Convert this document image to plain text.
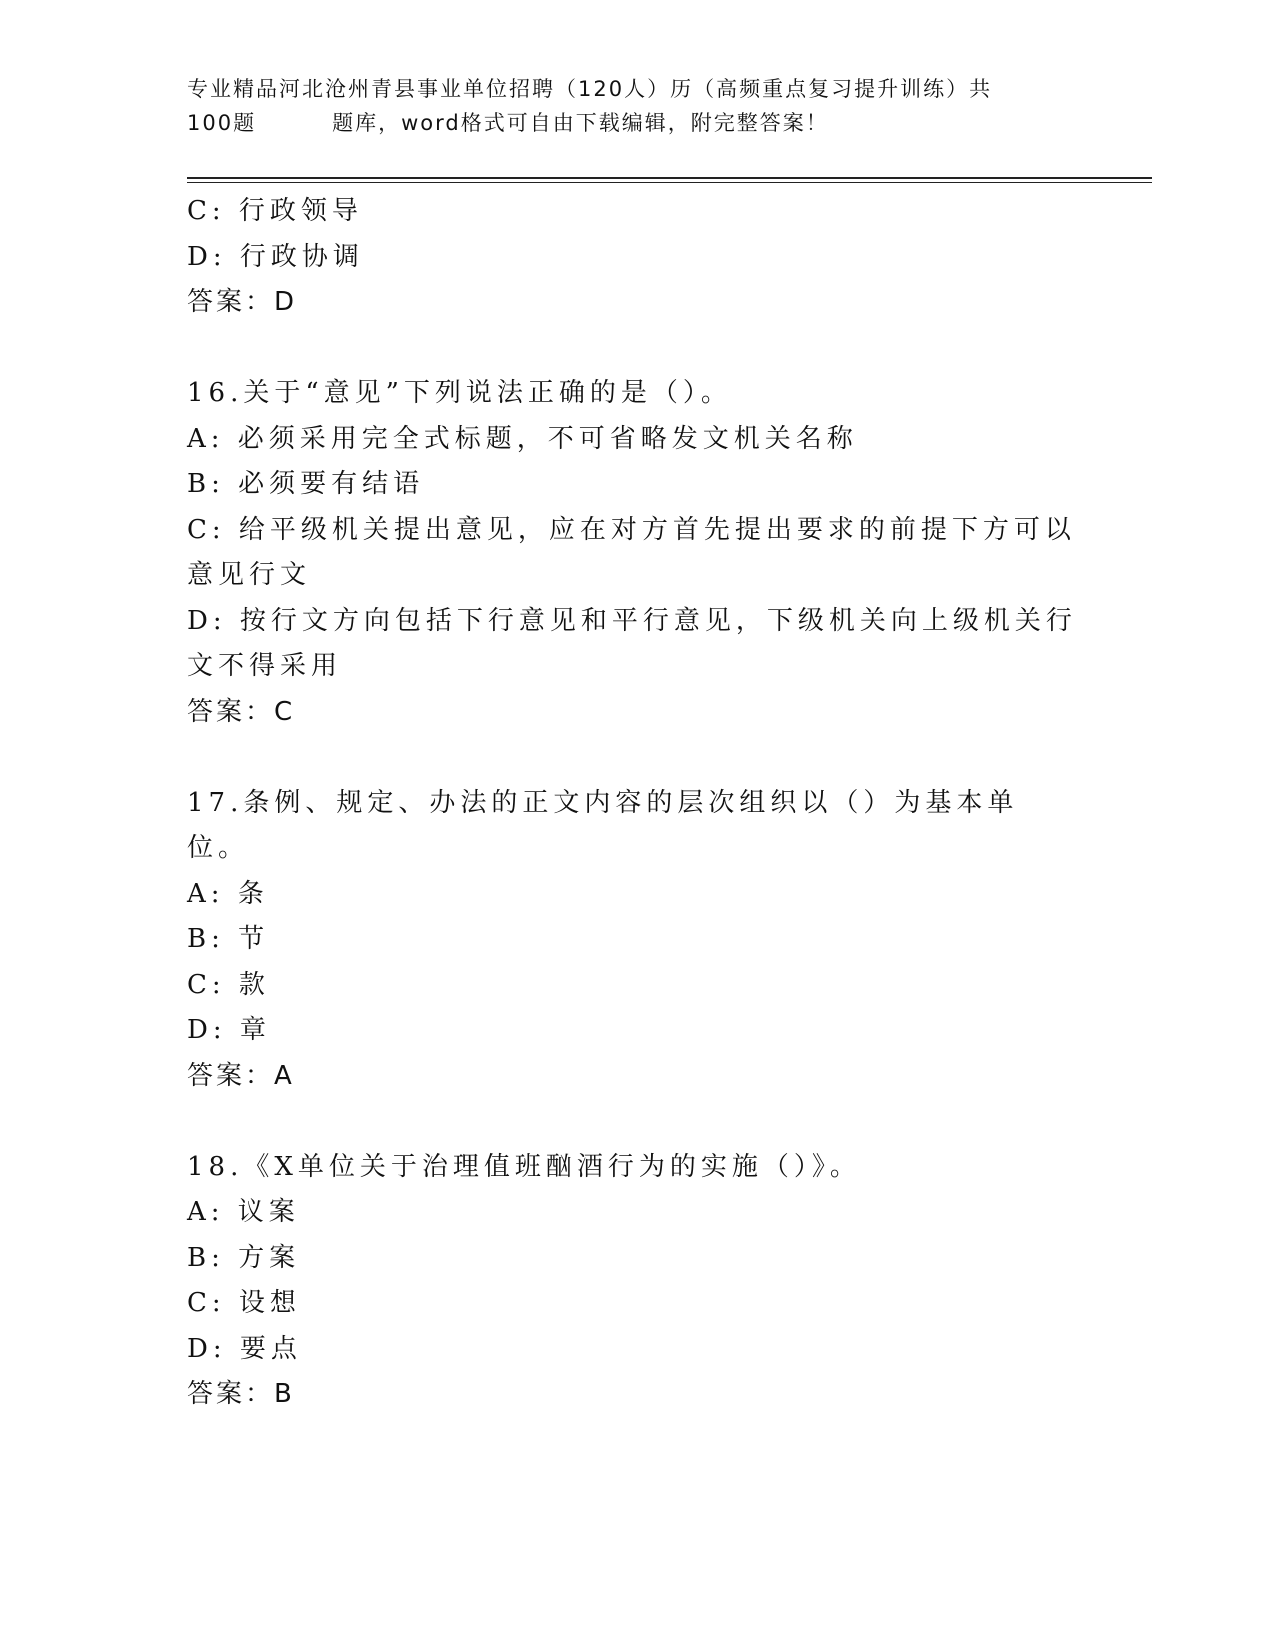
专业精品河北沧州青县事业单位招聘（120人）历（高频重点复习提升训练）共
100题	题库，word格式可自由下载编辑，附完整答案！
C: 行政领导
D: 行政协调
答案：D
16.关于“意见”下列说法正确的是（）。
A: 必须采用完全式标题，不可省略发文机关名称
B: 必须要有结语
C: 给平级机关提出意见，应在对方首先提出要求的前提下方可以意见行文
D: 按行文方向包括下行意见和平行意见，下级机关向上级机关行文不得采用
答案：C
17.条例、规定、办法的正文内容的层次组织以（）为基本单位。
A: 条
B: 节
C: 款
D: 章
答案：A
18.《X单位关于治理值班酗酒行为的实施（）》。
A: 议案
B: 方案
C: 设想
D: 要点
答案：B
